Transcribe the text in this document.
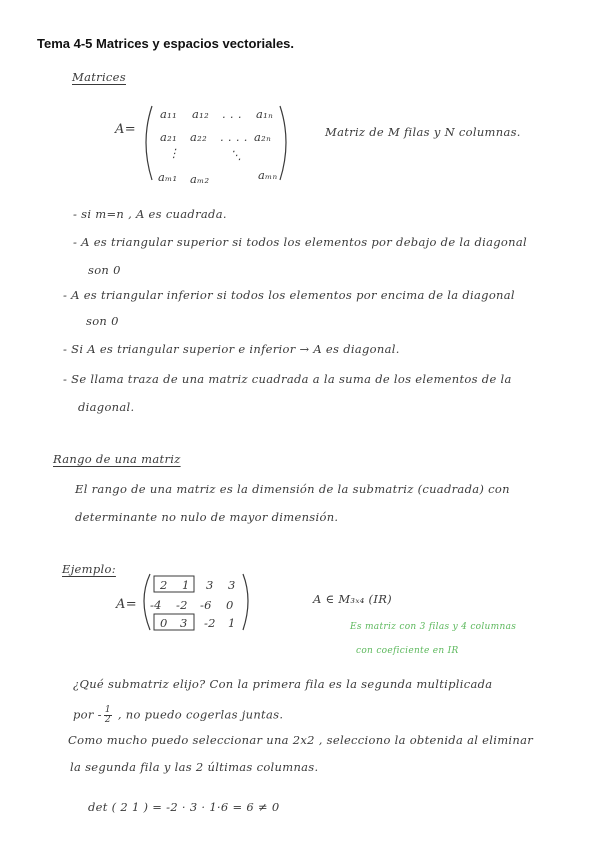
Tema 4-5 Matrices y espacios vectoriales.
Matrices
A=
a₁₁ a₁₂ . . . a₁ₙ
a₂₁ a₂₂ . . . . a₂ₙ
⋮	⋱
aₘ₁ aₘ₂	aₘₙ
Matriz de M filas y N columnas.
- si m=n , A es cuadrada.
- A es triangular superior si todos los elementos por debajo de la diagonal
son 0
- A es triangular inferior si todos los elementos por encima de la diagonal
son 0
- Si A es triangular superior e inferior → A es diagonal.
- Se llama traza de una matriz cuadrada a la suma de los elementos de la
diagonal.
Rango de una matriz
El rango de una matriz es la dimensión de la submatriz (cuadrada) con
determinante no nulo de mayor dimensión.
Ejemplo:
A=
2 1 3 3
-4 -2 -6 0
0 3 -2 1
A ∈ M₃ₓ₄ (IR)
Es matriz con 3 filas y 4 columnas
con coeficiente en IR
¿Qué submatriz elijo? Con la primera fila es la segunda multiplicada
por - $\frac{1}{2}$ , no puedo cogerlas juntas.
Como mucho puedo seleccionar una 2x2 , selecciono la obtenida al eliminar
la segunda fila y las 2 últimas columnas.
det ( 2 1 ) = -2 · 3 · 1·6 = 6 ≠ 0
